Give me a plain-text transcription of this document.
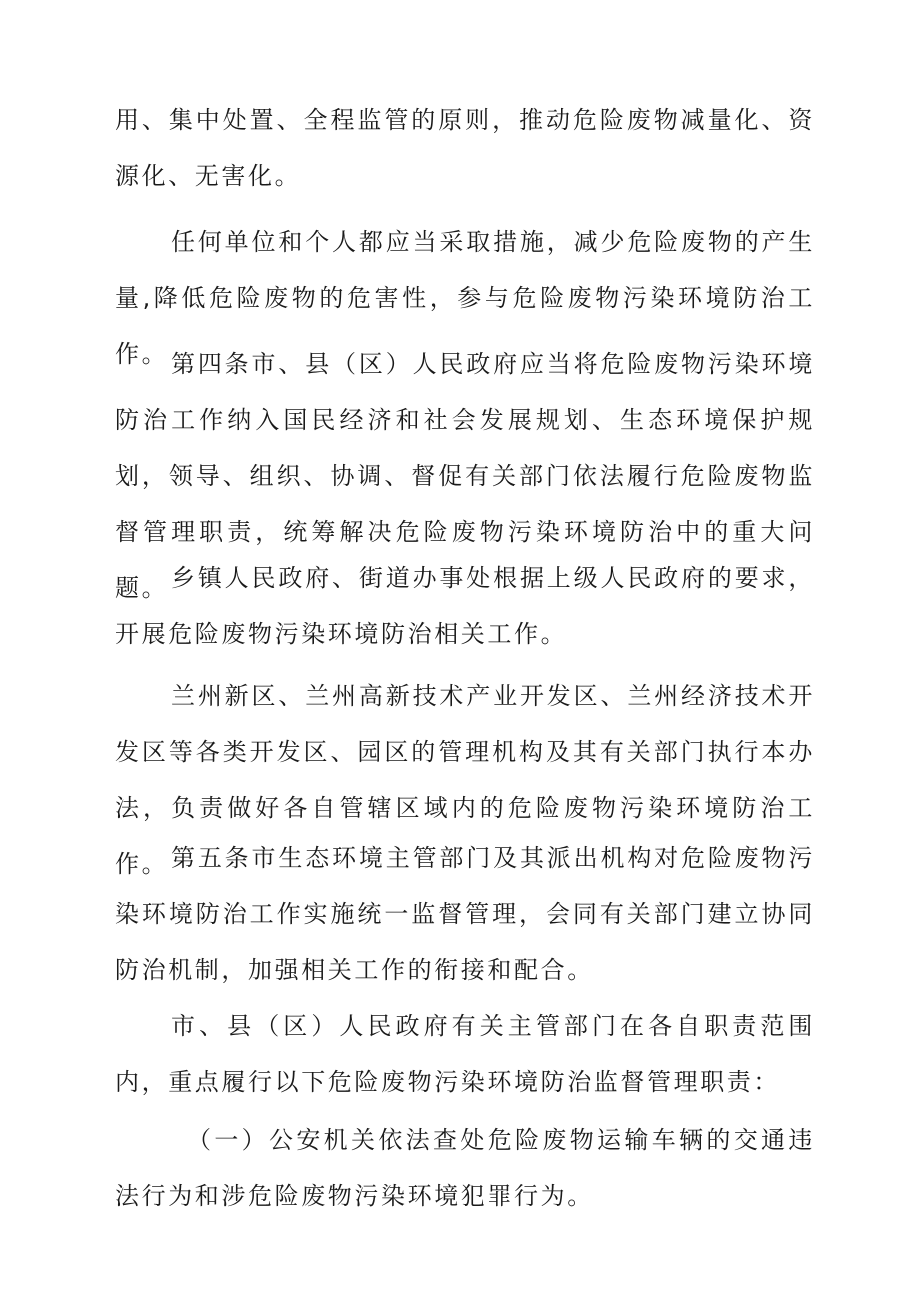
用、集中处置、全程监管的原则，推动危险废物减量化、资源化、无害化。

任何单位和个人都应当采取措施，减少危险废物的产生量,降低危险废物的危害性，参与危险废物污染环境防治工作。 第四条市、县（区）人民政府应当将危险废物污染环境防治工作纳入国民经济和社会发展规划、生态环境保护规划，领导、组织、协调、督促有关部门依法履行危险废物监督管理职责，统筹解决危险废物污染环境防治中的重大问题。 乡镇人民政府、街道办事处根据上级人民政府的要求，开展危险废物污染环境防治相关工作。

兰州新区、兰州高新技术产业开发区、兰州经济技术开发区等各类开发区、园区的管理机构及其有关部门执行本办法，负责做好各自管辖区域内的危险废物污染环境防治工作。 第五条市生态环境主管部门及其派出机构对危险废物污染环境防治工作实施统一监督管理，会同有关部门建立协同防治机制，加强相关工作的衔接和配合。

市、县（区）人民政府有关主管部门在各自职责范围内，重点履行以下危险废物污染环境防治监督管理职责：

（一）公安机关依法查处危险废物运输车辆的交通违法行为和涉危险废物污染环境犯罪行为。
